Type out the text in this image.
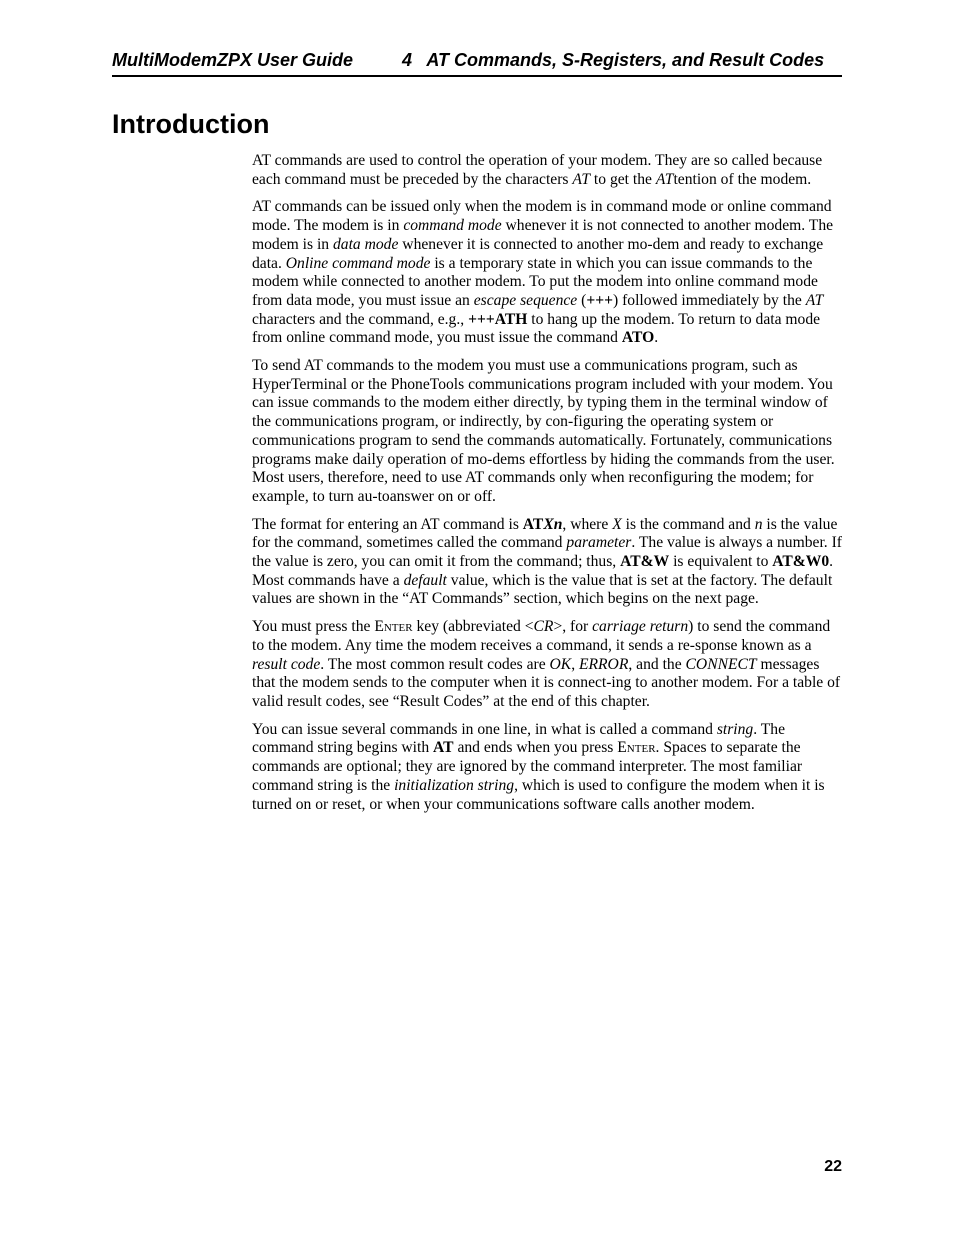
MultiModemZPX User Guide	4   AT Commands, S-Registers, and Result Codes
Introduction

AT commands are used to control the operation of your modem. They are so called because each command must be preceded by the characters AT to get the ATtention of the modem.

AT commands can be issued only when the modem is in command mode or online command mode. The modem is in command mode whenever it is not connected to another modem. The modem is in data mode whenever it is connected to another mo-dem and ready to exchange data. Online command mode is a temporary state in which you can issue commands to the modem while connected to another modem. To put the modem into online command mode from data mode, you must issue an escape sequence (+++) followed immediately by the AT characters and the command, e.g., +++ATH to hang up the modem. To return to data mode from online command mode, you must issue the command ATO.

To send AT commands to the modem you must use a communications program, such as HyperTerminal or the PhoneTools communications program included with your modem. You can issue commands to the modem either directly, by typing them in the terminal window of the communications program, or indirectly, by con-figuring the operating system or communications program to send the commands automatically. Fortunately, communications programs make daily operation of mo-dems effortless by hiding the commands from the user. Most users, therefore, need to use AT commands only when reconfiguring the modem; for example, to turn au-toanswer on or off.

The format for entering an AT command is ATXn, where X is the command and n is the value for the command, sometimes called the command parameter. The value is always a number. If the value is zero, you can omit it from the command; thus, AT&W is equivalent to AT&W0. Most commands have a default value, which is the value that is set at the factory. The default values are shown in the “AT Commands” section, which begins on the next page.

You must press the Enter key (abbreviated <CR>, for carriage return) to send the command to the modem. Any time the modem receives a command, it sends a re-sponse known as a result code. The most common result codes are OK, ERROR, and the CONNECT messages that the modem sends to the computer when it is connect-ing to another modem. For a table of valid result codes, see “Result Codes” at the end of this chapter.

You can issue several commands in one line, in what is called a command string. The command string begins with AT and ends when you press Enter. Spaces to separate the commands are optional; they are ignored by the command interpreter. The most familiar command string is the initialization string, which is used to configure the modem when it is turned on or reset, or when your communications software calls another modem.

22
